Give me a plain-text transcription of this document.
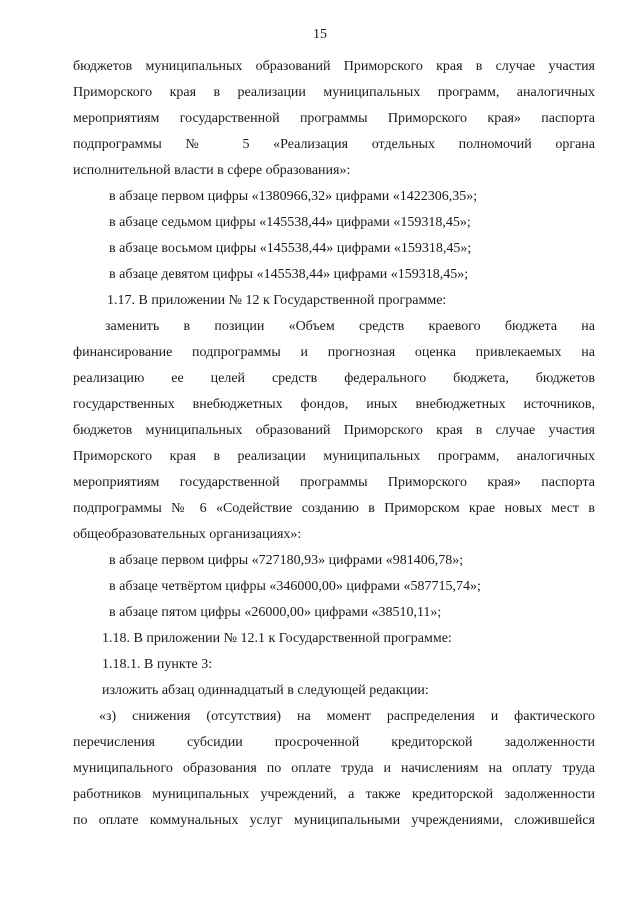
15
бюджетов муниципальных образований Приморского края в случае участия
Приморского края в реализации муниципальных программ, аналогичных
мероприятиям государственной программы Приморского края» паспорта
подпрограммы № 5 «Реализация отдельных полномочий органа
исполнительной власти в сфере образования»:
в абзаце первом цифры «1380966,32» цифрами «1422306,35»;
в абзаце седьмом цифры «145538,44» цифрами «159318,45»;
в абзаце восьмом цифры «145538,44» цифрами «159318,45»;
в абзаце девятом цифры «145538,44» цифрами «159318,45»;
1.17. В приложении № 12 к Государственной программе:
заменить в позиции «Объем средств краевого бюджета на
финансирование подпрограммы и прогнозная оценка привлекаемых на
реализацию ее целей средств федерального бюджета, бюджетов
государственных внебюджетных фондов, иных внебюджетных источников,
бюджетов муниципальных образований Приморского края в случае участия
Приморского края в реализации муниципальных программ, аналогичных
мероприятиям государственной программы Приморского края» паспорта
подпрограммы № 6 «Содействие созданию в Приморском крае новых мест в
общеобразовательных организациях»:
в абзаце первом цифры «727180,93» цифрами «981406,78»;
в абзаце четвёртом цифры «346000,00» цифрами «587715,74»;
в абзаце пятом цифры «26000,00» цифрами «38510,11»;
1.18. В приложении № 12.1 к Государственной программе:
1.18.1. В пункте 3:
изложить абзац одиннадцатый в следующей редакции:
«з) снижения (отсутствия) на момент распределения и фактического
перечисления субсидии просроченной кредиторской задолженности
муниципального образования по оплате труда и начислениям на оплату труда
работников муниципальных учреждений, а также кредиторской задолженности
по оплате коммунальных услуг муниципальными учреждениями, сложившейся
